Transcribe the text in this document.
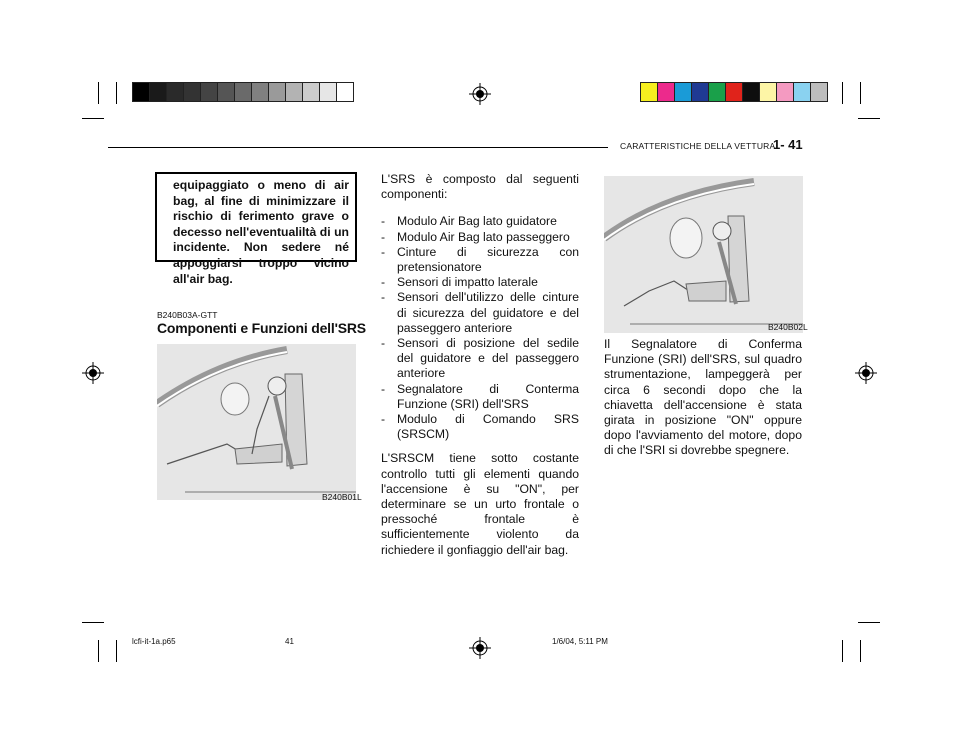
CARATTERISTICHE DELLA VETTURA
1- 41
equipaggiato o meno di air bag, al fine di minimizzare il rischio di ferimento grave o decesso nell'eventualiltà di un incidente. Non sedere né appoggiarsi troppo vicino all'air bag.
B240B03A-GTT
Componenti e Funzioni dell'SRS
B240B01L

L'SRS è composto dal seguenti componenti:

- Modulo Air Bag lato guidatore
- Modulo Air Bag lato passeggero
- Cinture di sicurezza con pretensionatore
- Sensori di impatto laterale
- Sensori dell'utilizzo delle cinture di sicurezza del guidatore e del passeggero anteriore
- Sensori di posizione del sedile del guidatore e del passeggero anteriore
- Segnalatore di Conterma Funzione (SRI) dell'SRS
- Modulo di Comando SRS (SRSCM)

L'SRSCM tiene sotto costante controllo tutti gli elementi quando l'accensione è su "ON", per determinare se un urto frontale o pressoché frontale è sufficientemente violento da richiedere il gonfiaggio dell'air bag.

B240B02L

Il Segnalatore di Conferma Funzione (SRI) dell'SRS, sul quadro strumentazione, lampeggerà per circa 6 secondi dopo che la chiavetta dell'accensione è stata girata in posizione "ON" oppure dopo l'avviamento del motore, dopo di che l'SRI si dovrebbe spegnere.

lcfi-it-1a.p65	41	1/6/04, 5:11 PM
